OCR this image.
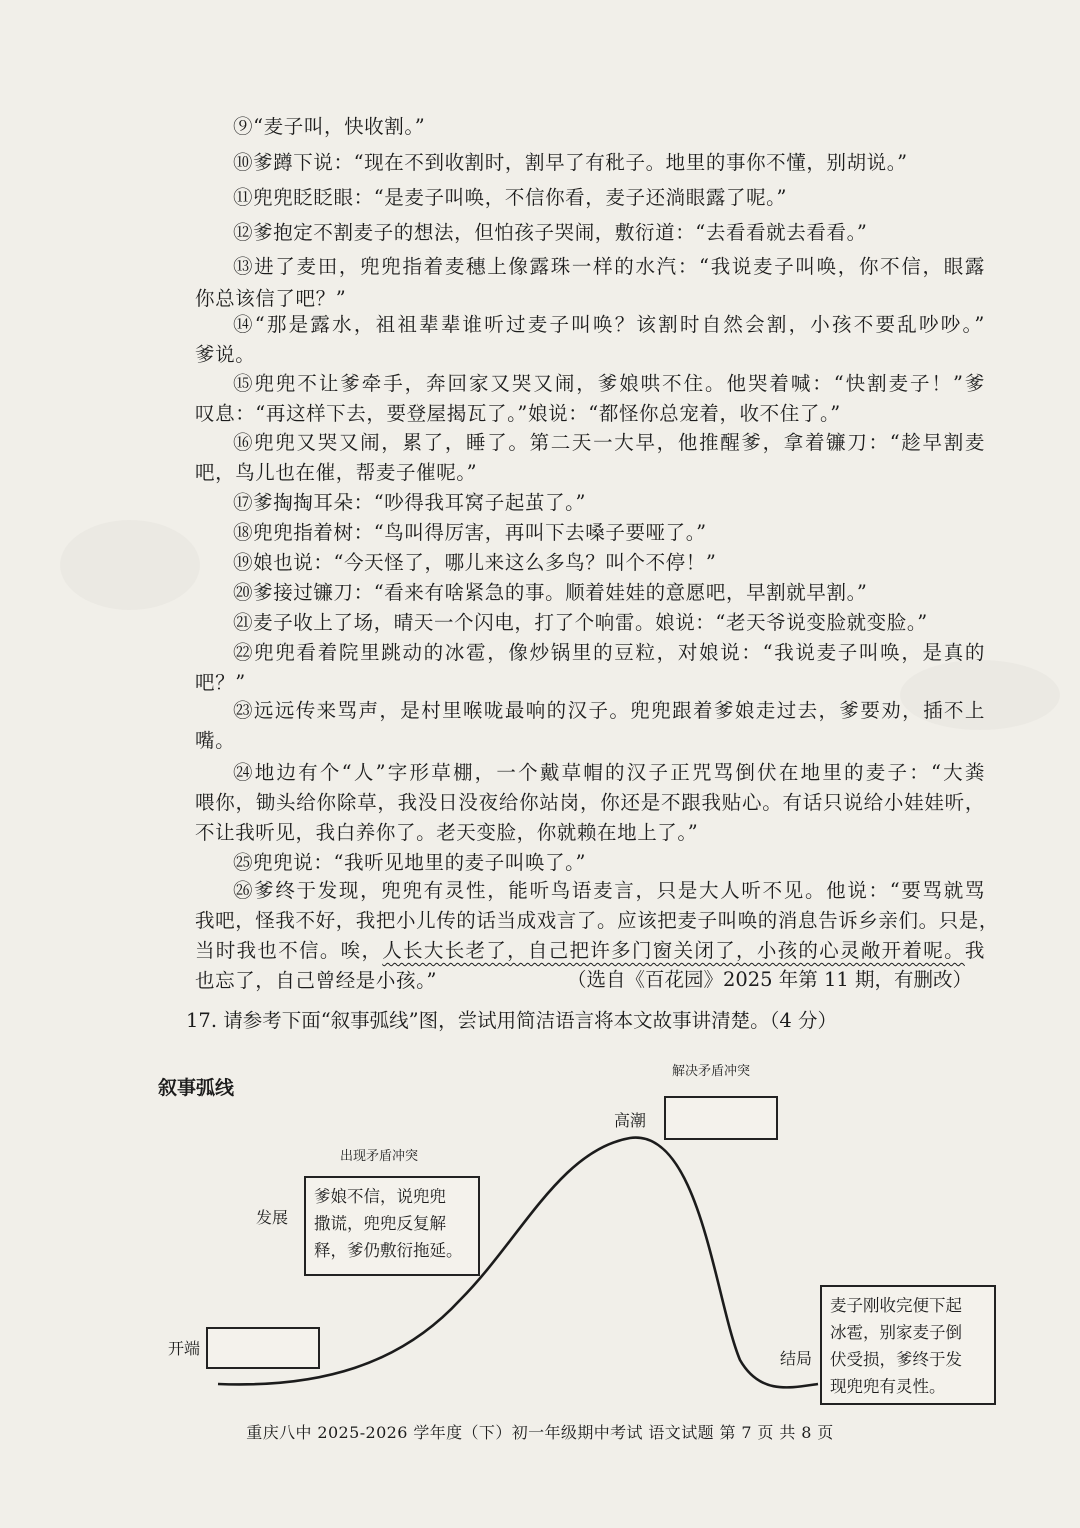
⑨“麦子叫，快收割。”
⑩爹蹲下说：“现在不到收割时，割早了有秕子。地里的事你不懂，别胡说。”
⑪兜兜眨眨眼：“是麦子叫唤，不信你看，麦子还淌眼露了呢。”
⑫爹抱定不割麦子的想法，但怕孩子哭闹，敷衍道：“去看看就去看看。”
⑬进了麦田，兜兜指着麦穗上像露珠一样的水汽：“我说麦子叫唤，你不信，眼露
你总该信了吧？”
⑭“那是露水，祖祖辈辈谁听过麦子叫唤？该割时自然会割，小孩不要乱吵吵。”
爹说。
⑮兜兜不让爹牵手，奔回家又哭又闹，爹娘哄不住。他哭着喊：“快割麦子！”爹
叹息：“再这样下去，要登屋揭瓦了。”娘说：“都怪你总宠着，收不住了。”
⑯兜兜又哭又闹，累了，睡了。第二天一大早，他推醒爹，拿着镰刀：“趁早割麦
吧，鸟儿也在催，帮麦子催呢。”
⑰爹掏掏耳朵：“吵得我耳窝子起茧了。”
⑱兜兜指着树：“鸟叫得厉害，再叫下去嗓子要哑了。”
⑲娘也说：“今天怪了，哪儿来这么多鸟？叫个不停！”
⑳爹接过镰刀：“看来有啥紧急的事。顺着娃娃的意愿吧，早割就早割。”
㉑麦子收上了场，晴天一个闪电，打了个响雷。娘说：“老天爷说变脸就变脸。”
㉒兜兜看着院里跳动的冰雹，像炒锅里的豆粒，对娘说：“我说麦子叫唤，是真的
吧？”
㉓远远传来骂声，是村里喉咙最响的汉子。兜兜跟着爹娘走过去，爹要劝，插不上
嘴。
㉔地边有个“人”字形草棚，一个戴草帽的汉子正咒骂倒伏在地里的麦子：“大粪
喂你，锄头给你除草，我没日没夜给你站岗，你还是不跟我贴心。有话只说给小娃娃听，
不让我听见，我白养你了。老天变脸，你就赖在地上了。”
㉕兜兜说：“我听见地里的麦子叫唤了。”
㉖爹终于发现，兜兜有灵性，能听鸟语麦言，只是大人听不见。他说：“要骂就骂
我吧，怪我不好，我把小儿传的话当成戏言了。应该把麦子叫唤的消息告诉乡亲们。只是，
当时我也不信。唉，人长大长老了，自己把许多门窗关闭了，小孩的心灵敞开着呢。我
也忘了，自己曾经是小孩。”	（选自《百花园》2025 年第 11 期，有删改）
17. 请参考下面“叙事弧线”图，尝试用简洁语言将本文故事讲清楚。（4 分）
叙事弧线
出现矛盾冲突
解决矛盾冲突
开端
发展
爹娘不信，说兜兜
撒谎，兜兜反复解
释，爹仍敷衍拖延。
高潮
结局
麦子刚收完便下起
冰雹，别家麦子倒
伏受损，爹终于发
现兜兜有灵性。
重庆八中 2025-2026 学年度（下）初一年级期中考试 语文试题 第 7 页 共 8 页
